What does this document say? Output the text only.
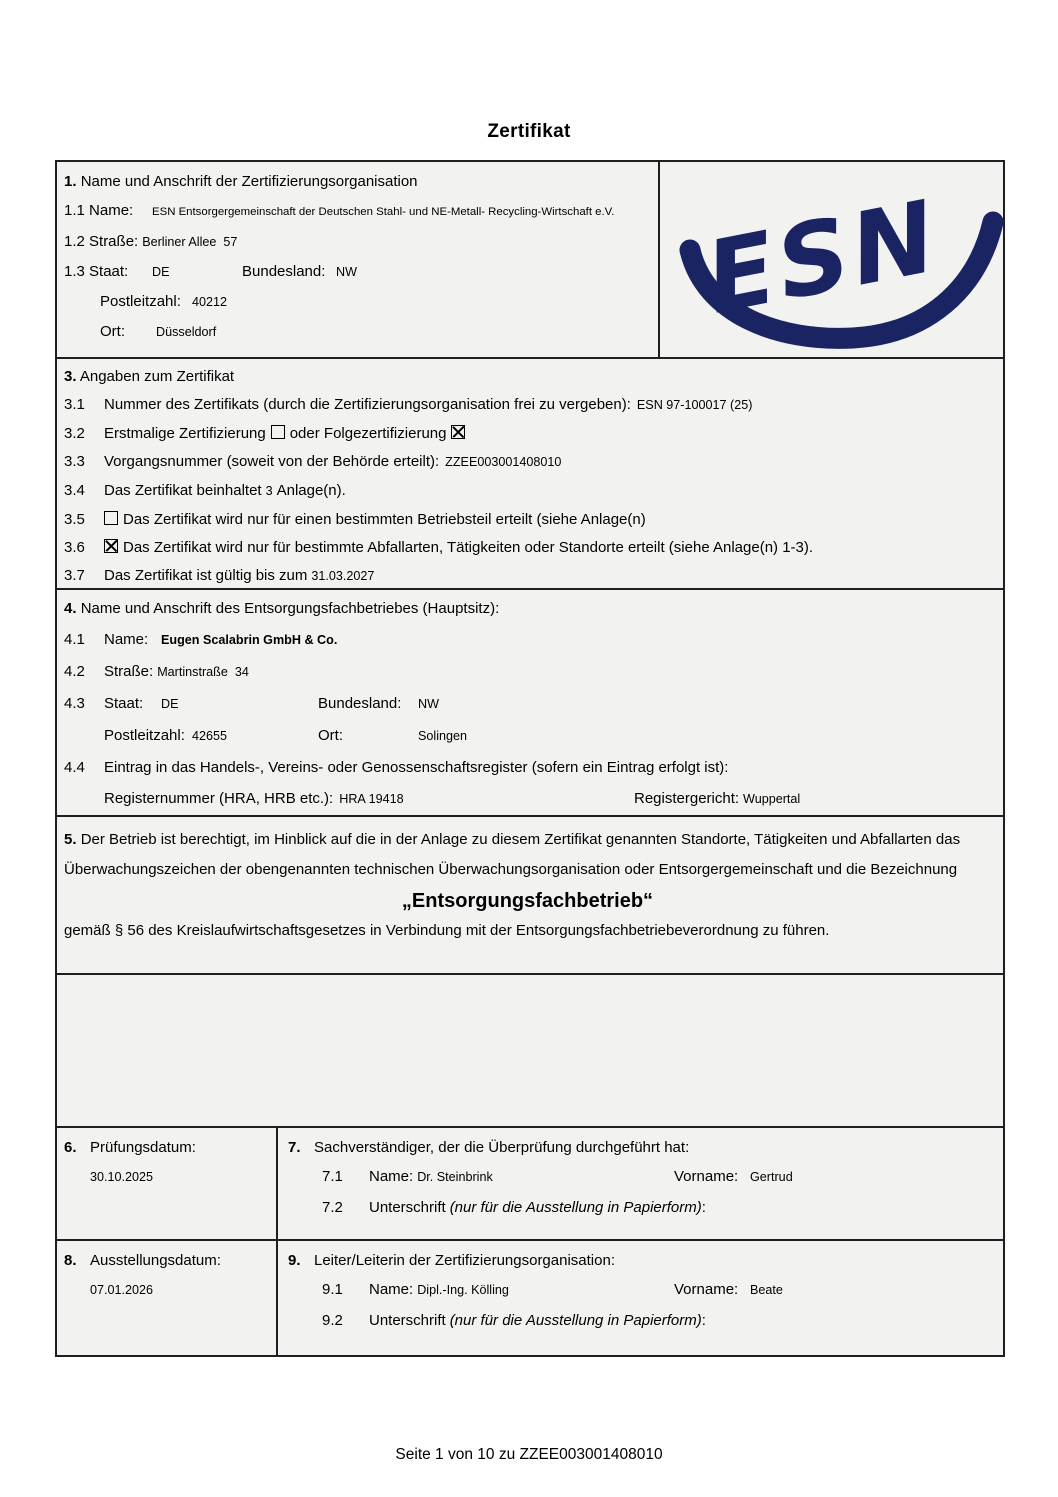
Zertifikat
1. Name und Anschrift der Zertifizierungsorganisation
1.1 Name: ESN Entsorgergemeinschaft der Deutschen Stahl- und NE-Metall- Recycling-Wirtschaft e.V.
1.2 Straße: Berliner Allee  57
1.3 Staat: DE	Bundesland: NW
Postleitzahl: 40212
Ort: Düsseldorf	ESN
3. Angaben zum Zertifikat
3.1 Nummer des Zertifikats (durch die Zertifizierungsorganisation frei zu vergeben): ESN 97-100017 (25)
3.2 Erstmalige Zertifizierung oder Folgezertifizierung
3.3 Vorgangsnummer (soweit von der Behörde erteilt): ZZEE003001408010
3.4 Das Zertifikat beinhaltet 3 Anlage(n).
3.5	Das Zertifikat wird nur für einen bestimmten Betriebsteil erteilt (siehe Anlage(n)
3.6	Das Zertifikat wird nur für bestimmte Abfallarten, Tätigkeiten oder Standorte erteilt (siehe Anlage(n) 1-3).
3.7 Das Zertifikat ist gültig bis zum 31.03.2027
4. Name und Anschrift des Entsorgungsfachbetriebes (Hauptsitz):
4.1 Name: Eugen Scalabrin GmbH & Co.
4.2 Straße: Martinstraße  34
4.3 Staat: DE	Bundesland: NW
Postleitzahl: 42655	Ort:	Solingen
4.4 Eintrag in das Handels-, Vereins- oder Genossenschaftsregister (sofern ein Eintrag erfolgt ist):
Registernummer (HRA, HRB etc.): HRA 19418	Registergericht: Wuppertal
5. Der Betrieb ist berechtigt, im Hinblick auf die in der Anlage zu diesem Zertifikat genannten Standorte, Tätigkeiten und Abfallarten das Überwachungszeichen der obengenannten technischen Überwachungsorganisation oder Entsorgergemeinschaft und die Bezeichnung
„Entsorgungsfachbetrieb“
gemäß § 56 des Kreislaufwirtschaftsgesetzes in Verbindung mit der Entsorgungsfachbetriebeverordnung zu führen.
6. Prüfungsdatum:
30.10.2025
7. Sachverständiger, der die Überprüfung durchgeführt hat:
7.1 Name: Dr. Steinbrink	Vorname: Gertrud
7.2 Unterschrift (nur für die Ausstellung in Papierform):
8. Ausstellungsdatum:
07.01.2026
9. Leiter/Leiterin der Zertifizierungsorganisation:
9.1 Name: Dipl.-Ing. Kölling	Vorname: Beate
9.2 Unterschrift (nur für die Ausstellung in Papierform):
Seite 1 von 10 zu ZZEE003001408010
